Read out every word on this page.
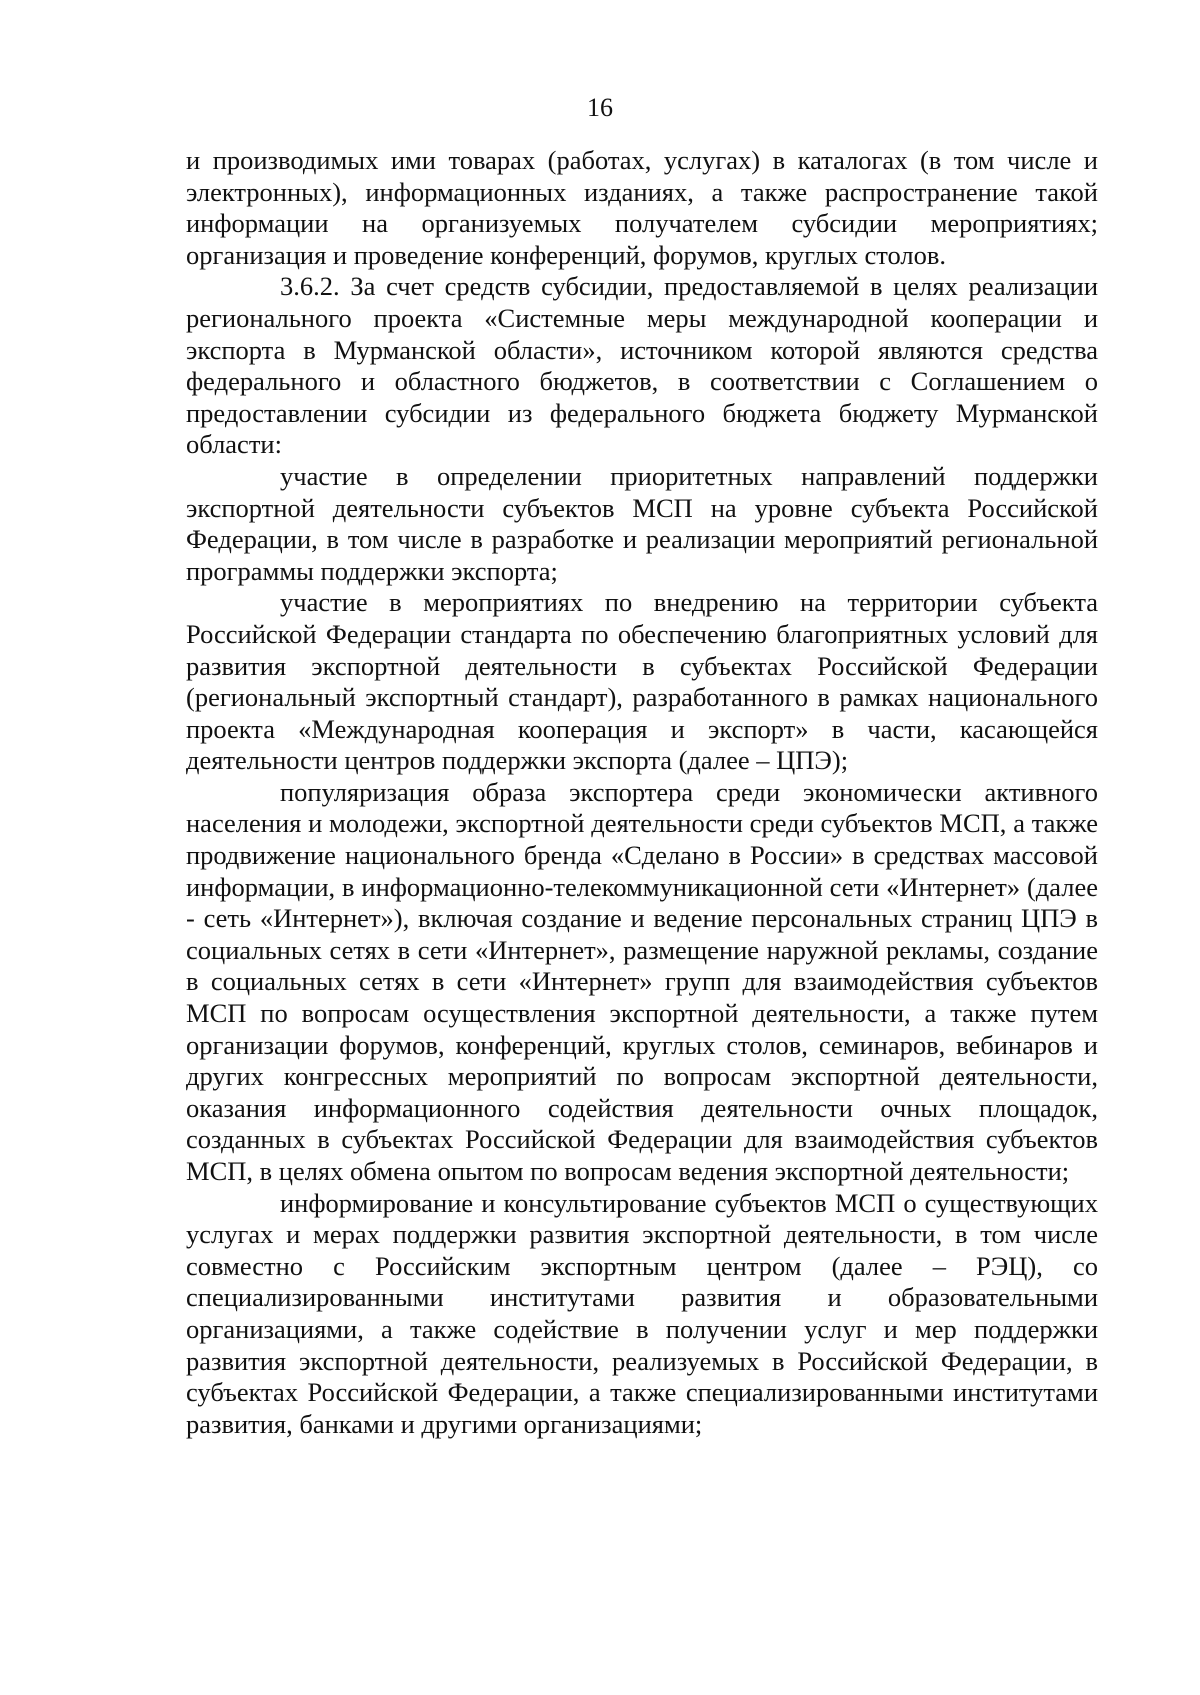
16

и производимых ими товарах (работах, услугах) в каталогах (в том числе и электронных), информационных изданиях, а также распространение такой информации на организуемых получателем субсидии мероприятиях; организация и проведение конференций, форумов, круглых столов.

3.6.2. За счет средств субсидии, предоставляемой в целях реализации регионального проекта «Системные меры международной кооперации и экспорта в Мурманской области», источником которой являются средства федерального и областного бюджетов, в соответствии с Соглашением о предоставлении субсидии из федерального бюджета бюджету Мурманской области:

участие в определении приоритетных направлений поддержки экспортной деятельности субъектов МСП на уровне субъекта Российской Федерации, в том числе в разработке и реализации мероприятий региональной программы поддержки экспорта;

участие в мероприятиях по внедрению на территории субъекта Российской Федерации стандарта по обеспечению благоприятных условий для развития экспортной деятельности в субъектах Российской Федерации (региональный экспортный стандарт), разработанного в рамках национального проекта «Международная кооперация и экспорт» в части, касающейся деятельности центров поддержки экспорта (далее – ЦПЭ);

популяризация образа экспортера среди экономически активного населения и молодежи, экспортной деятельности среди субъектов МСП, а также продвижение национального бренда «Сделано в России» в средствах массовой информации, в информационно-телекоммуникационной сети «Интернет» (далее - сеть «Интернет»), включая создание и ведение персональных страниц ЦПЭ в социальных сетях в сети «Интернет», размещение наружной рекламы, создание в социальных сетях в сети «Интернет» групп для взаимодействия субъектов МСП по вопросам осуществления экспортной деятельности, а также путем организации форумов, конференций, круглых столов, семинаров, вебинаров и других конгрессных мероприятий по вопросам экспортной деятельности, оказания информационного содействия деятельности очных площадок, созданных в субъектах Российской Федерации для взаимодействия субъектов МСП, в целях обмена опытом по вопросам ведения экспортной деятельности;

информирование и консультирование субъектов МСП о существующих услугах и мерах поддержки развития экспортной деятельности, в том числе совместно с Российским экспортным центром (далее – РЭЦ), со специализированными институтами развития и образовательными организациями, а также содействие в получении услуг и мер поддержки развития экспортной деятельности, реализуемых в Российской Федерации, в субъектах Российской Федерации, а также специализированными институтами развития, банками и другими организациями;
